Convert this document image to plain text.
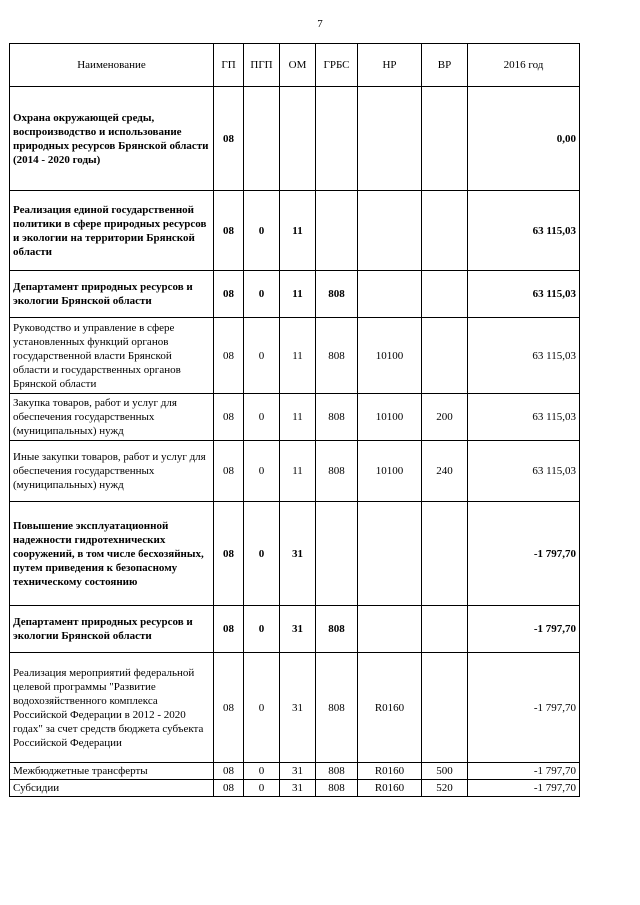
7
Наименование	ГП	ПГП	ОМ	ГРБС	НР	ВР	2016 год
Охрана окружающей среды, воспроизводство и использование природных ресурсов Брянской области (2014 - 2020 годы)	08						0,00
Реализация единой государственной политики в сфере природных ресурсов и экологии на территории Брянской области	08	0	11				63 115,03
Департамент природных ресурсов и экологии Брянской области	08	0	11	808			63 115,03
Руководство и управление в сфере установленных функций органов государственной власти Брянской области и государственных органов Брянской области	08	0	11	808	10100		63 115,03
Закупка товаров, работ и услуг для обеспечения государственных (муниципальных) нужд	08	0	11	808	10100	200	63 115,03
Иные закупки товаров, работ и услуг для обеспечения государственных (муниципальных) нужд	08	0	11	808	10100	240	63 115,03
Повышение эксплуатационной надежности гидротехнических сооружений, в том числе бесхозяйных, путем приведения к безопасному техническому состоянию	08	0	31				-1 797,70
Департамент природных ресурсов и экологии Брянской области	08	0	31	808			-1 797,70
Реализация мероприятий федеральной целевой программы "Развитие водохозяйственного комплекса Российской Федерации в 2012 - 2020 годах" за счет средств бюджета субъекта Российской Федерации	08	0	31	808	R0160		-1 797,70
Межбюджетные трансферты	08	0	31	808	R0160	500	-1 797,70
Субсидии	08	0	31	808	R0160	520	-1 797,70
